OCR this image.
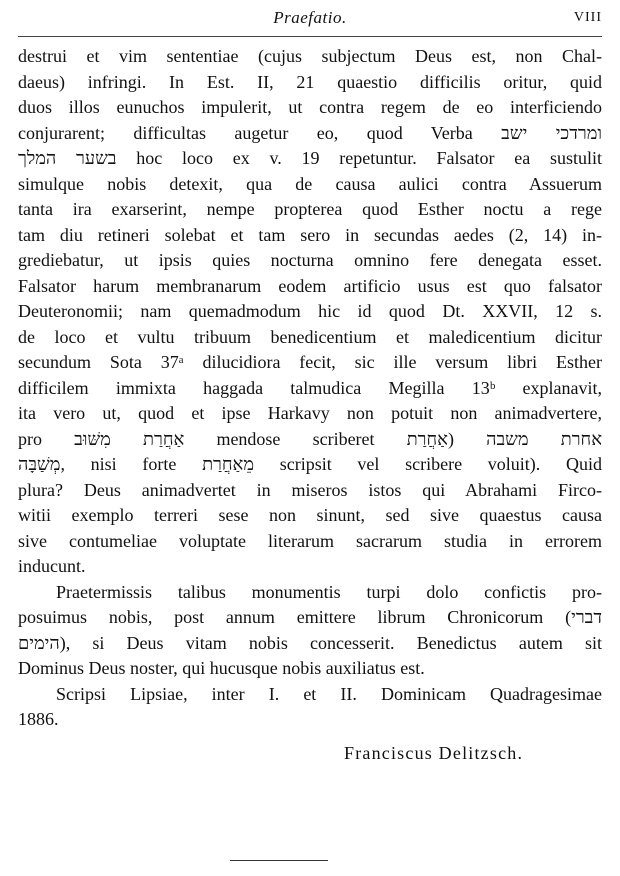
Praefatio.	VIII
destrui et vim sententiae (cujus subjectum Deus est, non Chal-
daeus) infringi. In Est. II, 21 quaestio difficilis oritur, quid
duos illos eunuchos impulerit, ut contra regem de eo interficiendo
conjurarent; difficultas augetur eo, quod Verba ומרדכי ישב
בשער המלך hoc loco ex v. 19 repetuntur. Falsator ea sustulit
simulque nobis detexit, qua de causa aulici contra Assuerum
tanta ira exarserint, nempe propterea quod Esther noctu a rege
tam diu retineri solebat et tam sero in secundas aedes (2, 14) in-
grediebatur, ut ipsis quies nocturna omnino fere denegata esset.
Falsator harum membranarum eodem artificio usus est quo falsator
Deuteronomii; nam quemadmodum hic id quod Dt. XXVII, 12 s.
de loco et vultu tribuum benedicentium et maledicentium dicitur
secundum Sota 37ᵃ dilucidiora fecit, sic ille versum libri Esther
difficilem immixta haggada talmudica Megilla 13ᵇ explanavit,
ita vero ut, quod et ipse Harkavy non potuit non animadvertere,
pro אַחֲרַת מִשּׁוּב mendose scriberet אחרת משבה (אַחֲרַת
מְשַׁבָּה, nisi forte מֵאַחֲרַת scripsit vel scribere voluit). Quid
plura? Deus animadvertet in miseros istos qui Abrahami Firco-
witii exemplo terreri sese non sinunt, sed sive quaestus causa
sive contumeliae voluptate literarum sacrarum studia in errorem
inducunt.
Praetermissis talibus monumentis turpi dolo confictis pro-
posuimus nobis, post annum emittere librum Chronicorum (דברי
הימים), si Deus vitam nobis concesserit. Benedictus autem sit
Dominus Deus noster, qui hucusque nobis auxiliatus est.
Scripsi Lipsiae, inter I. et II. Dominicam Quadragesimae
1886.
Franciscus Delitzsch.
